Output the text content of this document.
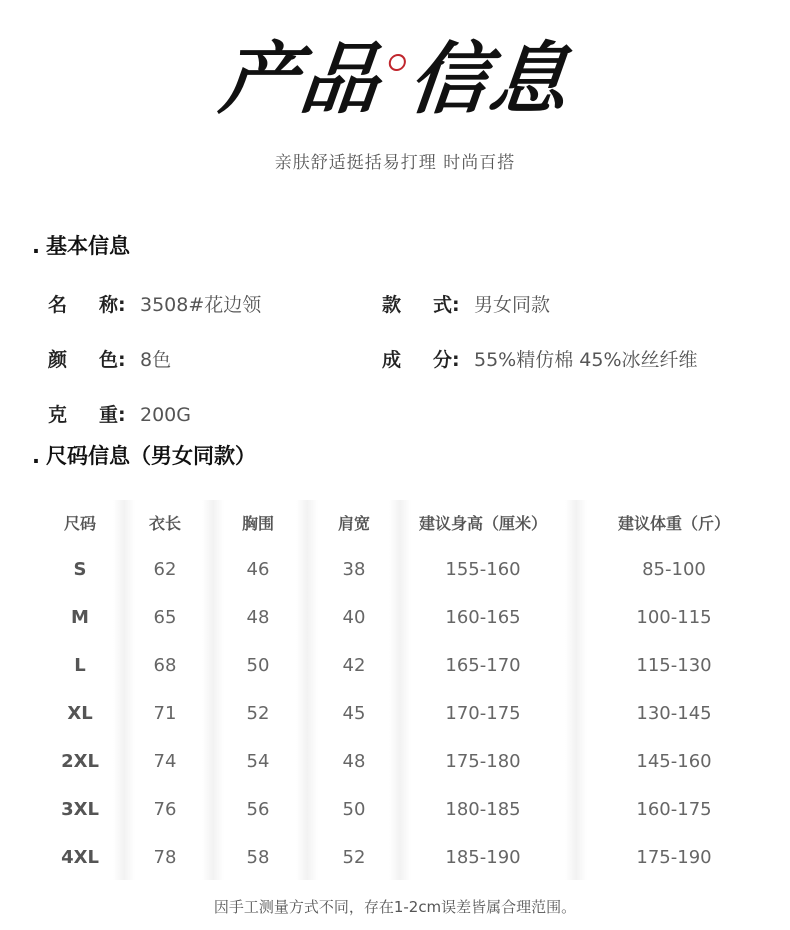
产品 信息
亲肤舒适挺括易打理 时尚百搭
. 基本信息
名 称: 3508#花边领	款 式: 男女同款
颜 色: 8色	成 分: 55%精仿棉 45%冰丝纤维
克 重: 200G
. 尺码信息（男女同款）
尺码	衣长	胸围	肩宽	建议身高（厘米）	建议体重（斤）
S	62	46	38	155-160	85-100
M	65	48	40	160-165	100-115
L	68	50	42	165-170	115-130
XL	71	52	45	170-175	130-145
2XL	74	54	48	175-180	145-160
3XL	76	56	50	180-185	160-175
4XL	78	58	52	185-190	175-190
因手工测量方式不同，存在1-2cm误差皆属合理范围。
